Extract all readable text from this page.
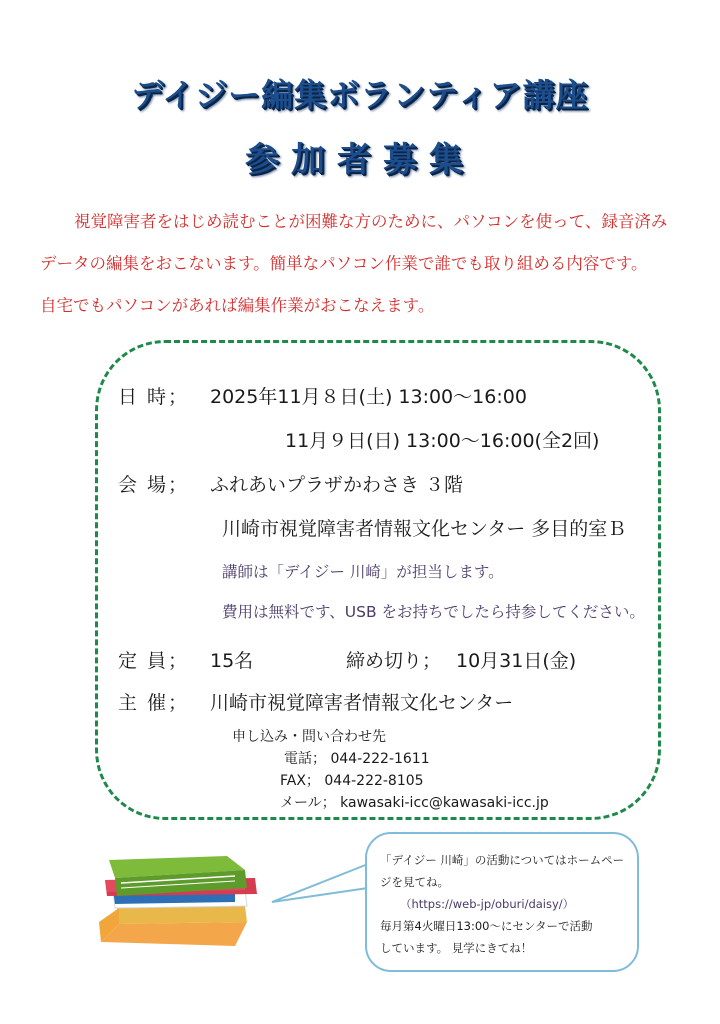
デイジー編集ボランティア講座
参加者募集
視覚障害者をはじめ読むことが困難な方のために、パソコンを使って、録音済み
データの編集をおこないます。簡単なパソコン作業で誰でも取り組める内容です。
自宅でもパソコンがあれば編集作業がおこなえます。
日 時； 2025年11月８日(土) 13:00～16:00
11月９日(日) 13:00～16:00(全2回)
会 場； ふれあいプラザかわさき ３階
川崎市視覚障害者情報文化センター 多目的室Ｂ
講師は「デイジー 川崎」が担当します。
費用は無料です、USB をお持ちでしたら持参してください。
定 員； 15名	締め切り； 10月31日(金)
主 催； 川崎市視覚障害者情報文化センター
申し込み・問い合わせ先
電話； 044-222-1611
FAX； 044-222-8105
メール； kawasaki-icc@kawasaki-icc.jp
「デイジー 川崎」の活動についてはホームペー
ジを見てね。
（https://web-jp/oburi/daisy/）
毎月第4火曜日13:00～にセンターで活動
しています。 見学にきてね！
